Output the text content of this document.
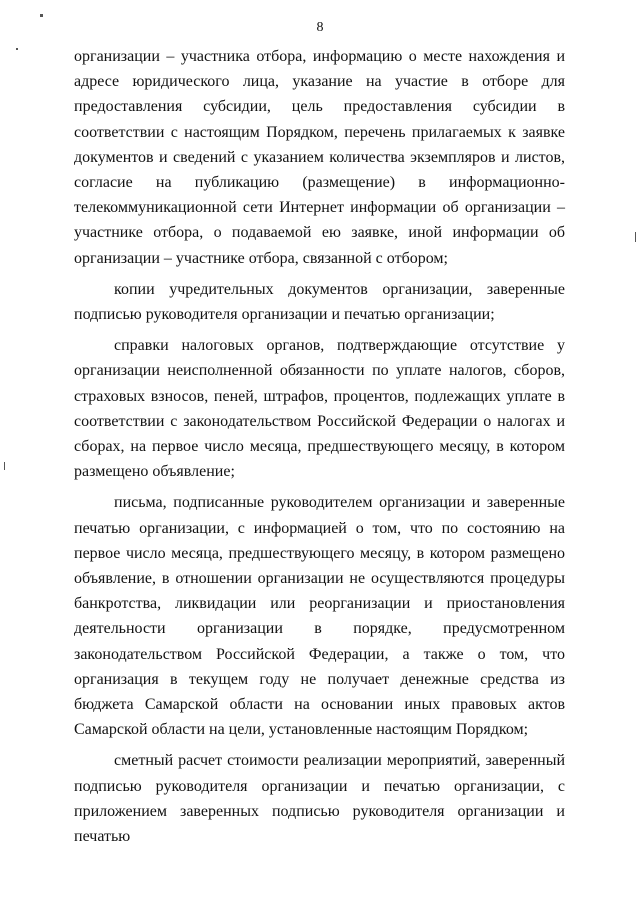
8

организации – участника отбора, информацию о месте нахождения и адресе юридического лица, указание на участие в отборе для предоставления субсидии, цель предоставления субсидии в соответствии с настоящим Порядком, перечень прилагаемых к заявке документов и сведений с указанием количества экземпляров и листов, согласие на публикацию (размещение) в информационно-телекоммуникационной сети Интернет информации об организации – участнике отбора, о подаваемой ею заявке, иной информации об организации – участнике отбора, связанной с отбором;

копии учредительных документов организации, заверенные подписью руководителя организации и печатью организации;

справки налоговых органов, подтверждающие отсутствие у организации неисполненной обязанности по уплате налогов, сборов, страховых взносов, пеней, штрафов, процентов, подлежащих уплате в соответствии с законодательством Российской Федерации о налогах и сборах, на первое число месяца, предшествующего месяцу, в котором размещено объявление;

письма, подписанные руководителем организации и заверенные печатью организации, с информацией о том, что по состоянию на первое число месяца, предшествующего месяцу, в котором размещено объявление, в отношении организации не осуществляются процедуры банкротства, ликвидации или реорганизации и приостановления деятельности организации в порядке, предусмотренном законодательством Российской Федерации, а также о том, что организация в текущем году не получает денежные средства из бюджета Самарской области на основании иных правовых актов Самарской области на цели, установленные настоящим Порядком;

сметный расчет стоимости реализации мероприятий, заверенный подписью руководителя организации и печатью организации, с приложением заверенных подписью руководителя организации и печатью
